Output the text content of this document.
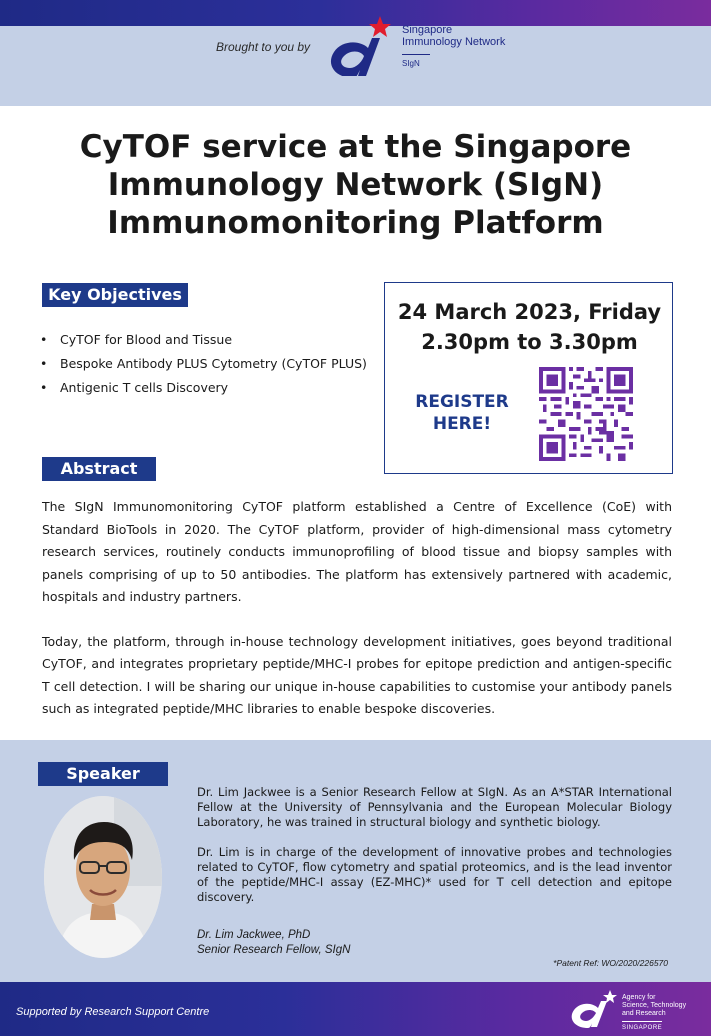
Brought to you by
Singapore
Immunology Network
SIgN
CyTOF service at the Singapore
Immunology Network (SIgN)
Immunomonitoring Platform
Key Objectives
• CyTOF for Blood and Tissue
• Bespoke Antibody PLUS Cytometry (CyTOF PLUS)
• Antigenic T cells Discovery
24 March 2023, Friday
2.30pm to 3.30pm
REGISTER
HERE!
Abstract

The SIgN Immunomonitoring CyTOF platform established a Centre of Excellence (CoE) with Standard BioTools in 2020. The CyTOF platform, provider of high-dimensional mass cytometry research services, routinely conducts immunoprofiling of blood tissue and biopsy samples with panels comprising of up to 50 antibodies. The platform has extensively partnered with academic, hospitals and industry partners.

Today, the platform, through in-house technology development initiatives, goes beyond traditional CyTOF, and integrates proprietary peptide/MHC-I probes for epitope prediction and antigen-specific T cell detection. I will be sharing our unique in-house capabilities to customise your antibody panels such as integrated peptide/MHC libraries to enable bespoke discoveries.

Speaker

Dr. Lim Jackwee is a Senior Research Fellow at SIgN. As an A*STAR International Fellow at the University of Pennsylvania and the European Molecular Biology Laboratory, he was trained in structural biology and synthetic biology.

Dr. Lim is in charge of the development of innovative probes and technologies related to CyTOF, flow cytometry and spatial proteomics, and is the lead inventor of the peptide/MHC-I assay (EZ-MHC)* used for T cell detection and epitope discovery.

Dr. Lim Jackwee, PhD
Senior Research Fellow, SIgN
*Patent Ref: WO/2020/226570
Supported by Research Support Centre
Agency for
Science, Technology
and Research
SINGAPORE
